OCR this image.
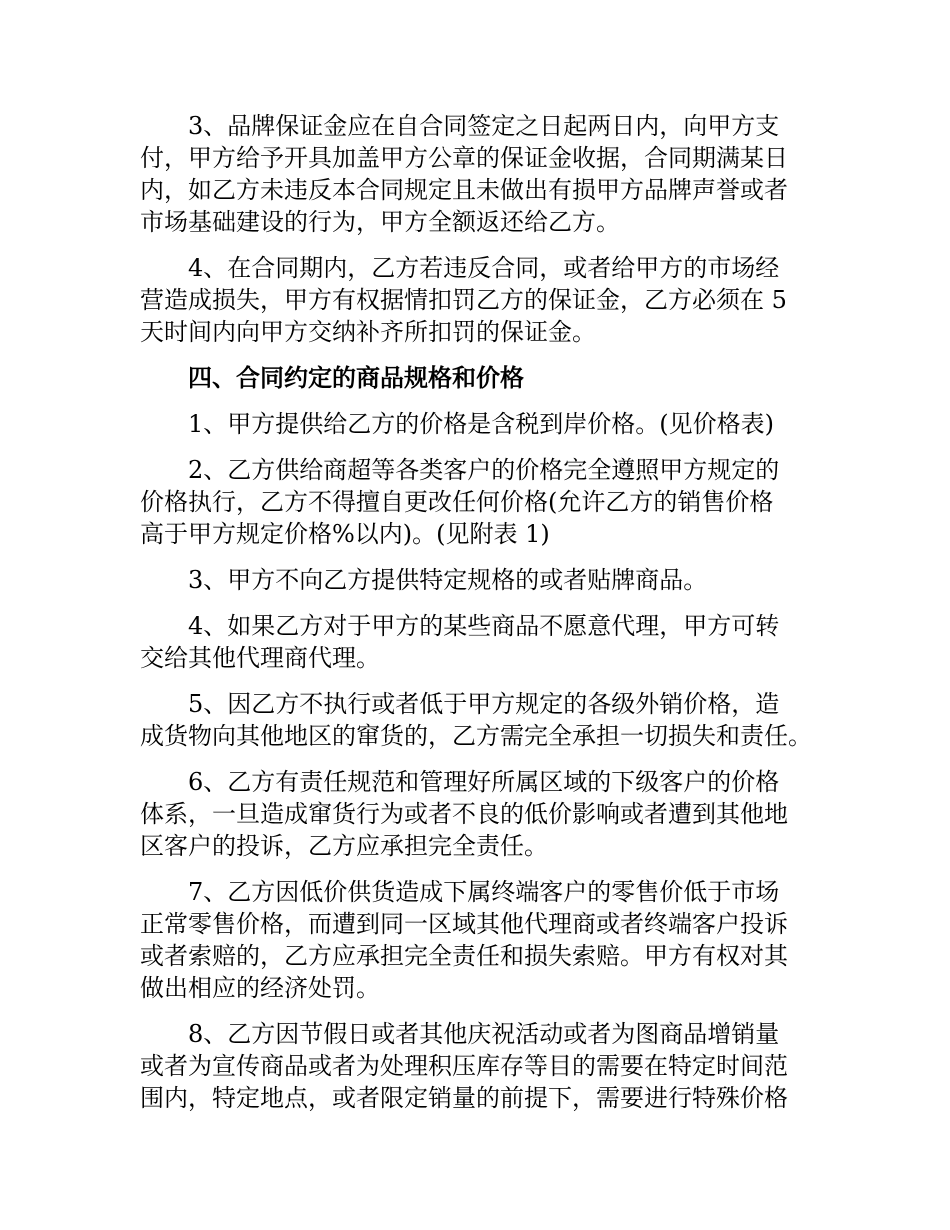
3、品牌保证金应在自合同签定之日起两日内，向甲方支
付，甲方给予开具加盖甲方公章的保证金收据，合同期满某日
内，如乙方未违反本合同规定且未做出有损甲方品牌声誉或者
市场基础建设的行为，甲方全额返还给乙方。
4、在合同期内，乙方若违反合同，或者给甲方的市场经
营造成损失，甲方有权据情扣罚乙方的保证金，乙方必须在 5
天时间内向甲方交纳补齐所扣罚的保证金。
四、合同约定的商品规格和价格
1、甲方提供给乙方的价格是含税到岸价格。(见价格表)
2、乙方供给商超等各类客户的价格完全遵照甲方规定的
价格执行，乙方不得擅自更改任何价格(允许乙方的销售价格
高于甲方规定价格%以内)。(见附表 1)
3、甲方不向乙方提供特定规格的或者贴牌商品。
4、如果乙方对于甲方的某些商品不愿意代理，甲方可转
交给其他代理商代理。
5、因乙方不执行或者低于甲方规定的各级外销价格，造
成货物向其他地区的窜货的，乙方需完全承担一切损失和责任。
6、乙方有责任规范和管理好所属区域的下级客户的价格
体系，一旦造成窜货行为或者不良的低价影响或者遭到其他地
区客户的投诉，乙方应承担完全责任。
7、乙方因低价供货造成下属终端客户的零售价低于市场
正常零售价格，而遭到同一区域其他代理商或者终端客户投诉
或者索赔的，乙方应承担完全责任和损失索赔。甲方有权对其
做出相应的经济处罚。
8、乙方因节假日或者其他庆祝活动或者为图商品增销量
或者为宣传商品或者为处理积压库存等目的需要在特定时间范
围内，特定地点，或者限定销量的前提下，需要进行特殊价格
